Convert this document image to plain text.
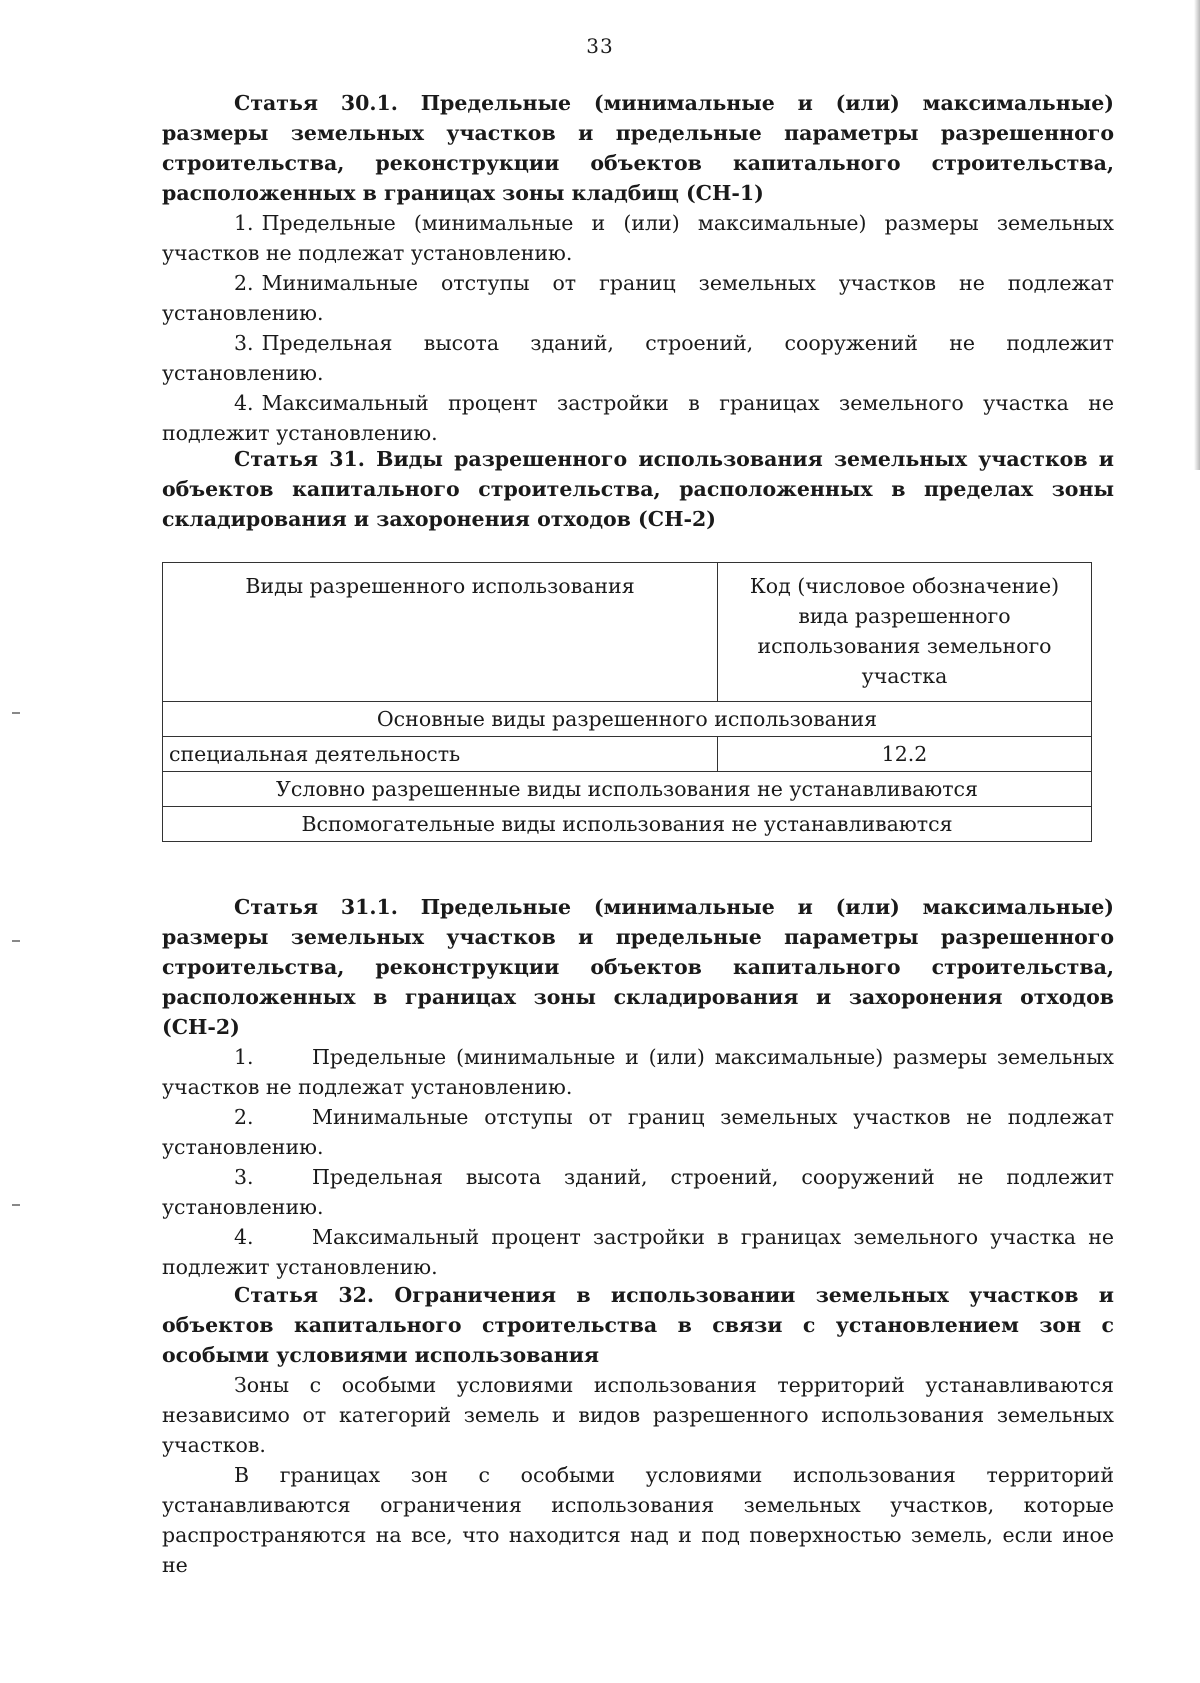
33

Статья 30.1. Предельные (минимальные и (или) максимальные) размеры земельных участков и предельные параметры разрешенного строительства, реконструкции объектов капитального строительства, расположенных в границах зоны кладбищ (СН-1)

1. Предельные (минимальные и (или) максимальные) размеры земельных участков не подлежат установлению.

2. Минимальные отступы от границ земельных участков не подлежат установлению.

3. Предельная высота зданий, строений, сооружений не подлежит установлению.

4. Максимальный процент застройки в границах земельного участка не подлежит установлению.

Статья 31. Виды разрешенного использования земельных участков и объектов капитального строительства, расположенных в пределах зоны складирования и захоронения отходов (СН-2)

Виды разрешенного использования	Код (числовое обозначение) вида разрешенного использования земельного участка
Основные виды разрешенного использования	
специальная деятельность	12.2
Условно разрешенные виды использования не устанавливаются	
Вспомогательные виды использования не устанавливаются	

Статья 31.1. Предельные (минимальные и (или) максимальные) размеры земельных участков и предельные параметры разрешенного строительства, реконструкции объектов капитального строительства, расположенных в границах зоны складирования и захоронения отходов (СН-2)

1.	Предельные (минимальные и (или) максимальные) размеры земельных участков не подлежат установлению.

2.	Минимальные отступы от границ земельных участков не подлежат установлению.

3.	Предельная высота зданий, строений, сооружений не подлежит установлению.

4.	Максимальный процент застройки в границах земельного участка не подлежит установлению.

Статья 32. Ограничения в использовании земельных участков и объектов капитального строительства в связи с установлением зон с особыми условиями использования

Зоны с особыми условиями использования территорий устанавливаются независимо от категорий земель и видов разрешенного использования земельных участков.

В границах зон с особыми условиями использования территорий устанавливаются ограничения использования земельных участков, которые распространяются на все, что находится над и под поверхностью земель, если иное не
